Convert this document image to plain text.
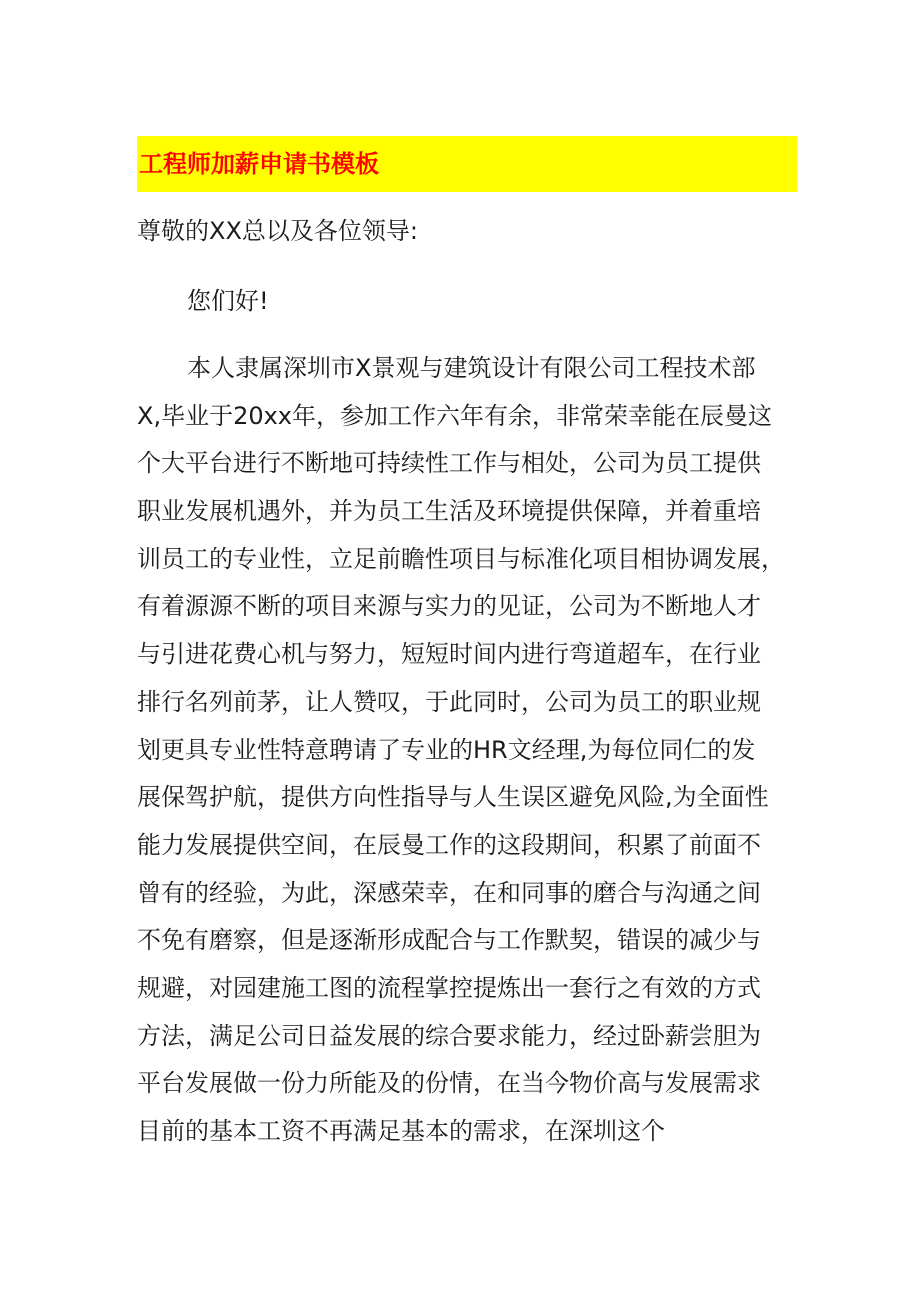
工程师加薪申请书模板
尊敬的XX总以及各位领导:
您们好!
本人隶属深圳市X景观与建筑设计有限公司工程技术部
X,毕业于20xx年，参加工作六年有余，非常荣幸能在辰曼这
个大平台进行不断地可持续性工作与相处，公司为员工提供
职业发展机遇外，并为员工生活及环境提供保障，并着重培
训员工的专业性，立足前瞻性项目与标准化项目相协调发展，
有着源源不断的项目来源与实力的见证，公司为不断地人才
与引进花费心机与努力，短短时间内进行弯道超车，在行业
排行名列前茅，让人赞叹，于此同时，公司为员工的职业规
划更具专业性特意聘请了专业的HR文经理,为每位同仁的发
展保驾护航，提供方向性指导与人生误区避免风险,为全面性
能力发展提供空间，在辰曼工作的这段期间，积累了前面不
曾有的经验，为此，深感荣幸，在和同事的磨合与沟通之间
不免有磨察，但是逐渐形成配合与工作默契，错误的减少与
规避，对园建施工图的流程掌控提炼出一套行之有效的方式
方法，满足公司日益发展的综合要求能力，经过卧薪尝胆为
平台发展做一份力所能及的份情，在当今物价高与发展需求
目前的基本工资不再满足基本的需求，在深圳这个
